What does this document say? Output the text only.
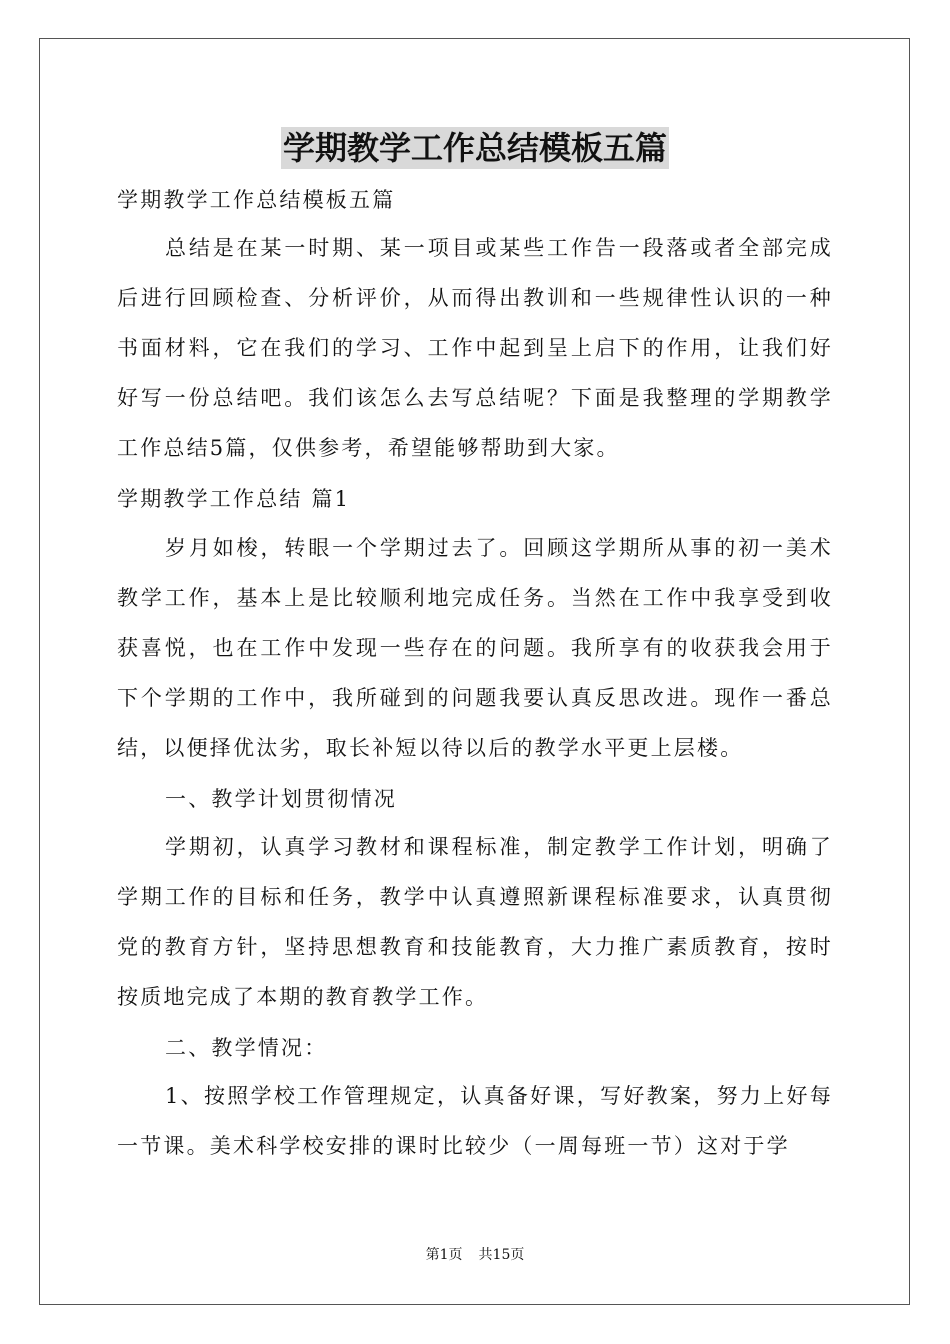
学期教学工作总结模板五篇
学期教学工作总结模板五篇
总结是在某一时期、某一项目或某些工作告一段落或者全部完成后进行回顾检查、分析评价，从而得出教训和一些规律性认识的一种书面材料，它在我们的学习、工作中起到呈上启下的作用，让我们好好写一份总结吧。我们该怎么去写总结呢？下面是我整理的学期教学工作总结5篇，仅供参考，希望能够帮助到大家。
学期教学工作总结 篇1
岁月如梭，转眼一个学期过去了。回顾这学期所从事的初一美术教学工作，基本上是比较顺利地完成任务。当然在工作中我享受到收获喜悦，也在工作中发现一些存在的问题。我所享有的收获我会用于下个学期的工作中，我所碰到的问题我要认真反思改进。现作一番总结，以便择优汰劣，取长补短以待以后的教学水平更上层楼。
一、教学计划贯彻情况
学期初，认真学习教材和课程标准，制定教学工作计划，明确了学期工作的目标和任务，教学中认真遵照新课程标准要求，认真贯彻党的教育方针，坚持思想教育和技能教育，大力推广素质教育，按时按质地完成了本期的教育教学工作。
二、教学情况：
1、按照学校工作管理规定，认真备好课，写好教案，努力上好每一节课。美术科学校安排的课时比较少（一周每班一节）这对于学
第1页 共15页
